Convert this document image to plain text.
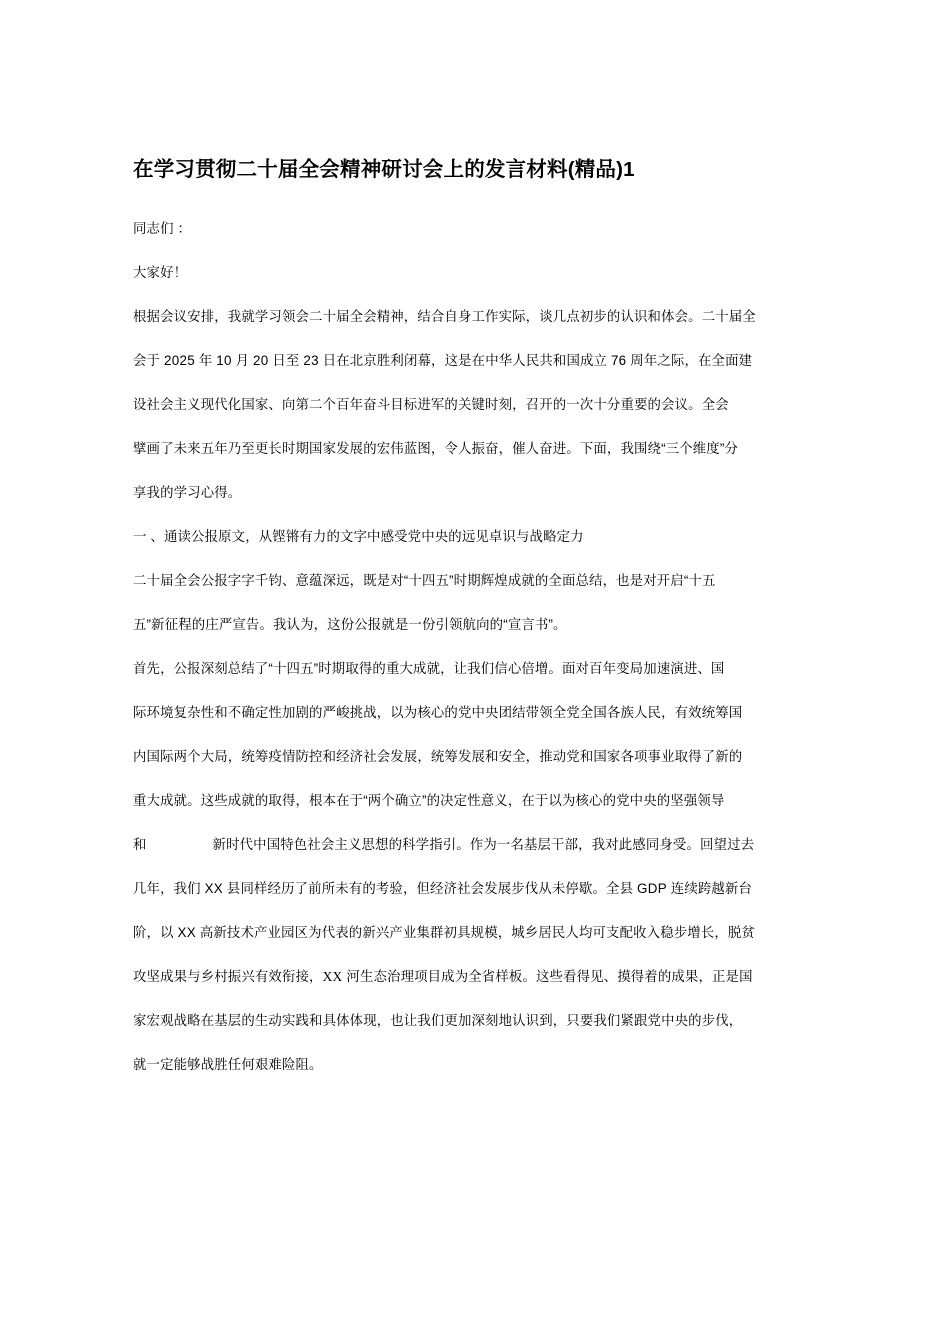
在学习贯彻二十届全会精神研讨会上的发言材料(精品)1

同志们 ：

大家好！

根据会议安排，我就学习领会二十届全会精神，结合自身工作实际，谈几点初步的认识和体会。二十届全

会于 2025 年 10 月 20 日至 23 日在北京胜利闭幕，这是在中华人民共和国成立 76 周年之际，在全面建

设社会主义现代化国家、向第二个百年奋斗目标进军的关键时刻，召开的一次十分重要的会议。全会

擘画了未来五年乃至更长时期国家发展的宏伟蓝图，令人振奋，催人奋进。下面，我围绕“三个维度”分

享我的学习心得。

一 、通读公报原文，从铿锵有力的文字中感受党中央的远见卓识与战略定力

二十届全会公报字字千钧、意蕴深远，既是对“十四五”时期辉煌成就的全面总结，也是对开启“十五

五”新征程的庄严宣告。我认为，这份公报就是一份引领航向的“宣言书”。

首先，公报深刻总结了“十四五”时期取得的重大成就，让我们信心倍增。面对百年变局加速演进、国

际环境复杂性和不确定性加剧的严峻挑战，以为核心的党中央团结带领全党全国各族人民，有效统筹国

内国际两个大局，统筹疫情防控和经济社会发展，统筹发展和安全，推动党和国家各项事业取得了新的

重大成就。这些成就的取得，根本在于“两个确立”的决定性意义，在于以为核心的党中央的坚强领导

和	新时代中国特色社会主义思想的科学指引。作为一名基层干部，我对此感同身受。回望过去

几年，我们 XX 县同样经历了前所未有的考验，但经济社会发展步伐从未停歇。全县 GDP 连续跨越新台

阶，以 XX 高新技术产业园区为代表的新兴产业集群初具规模，城乡居民人均可支配收入稳步增长，脱贫

攻坚成果与乡村振兴有效衔接，XX 河生态治理项目成为全省样板。这些看得见、摸得着的成果，正是国

家宏观战略在基层的生动实践和具体体现，也让我们更加深刻地认识到，只要我们紧跟党中央的步伐，

就一定能够战胜任何艰难险阻。
